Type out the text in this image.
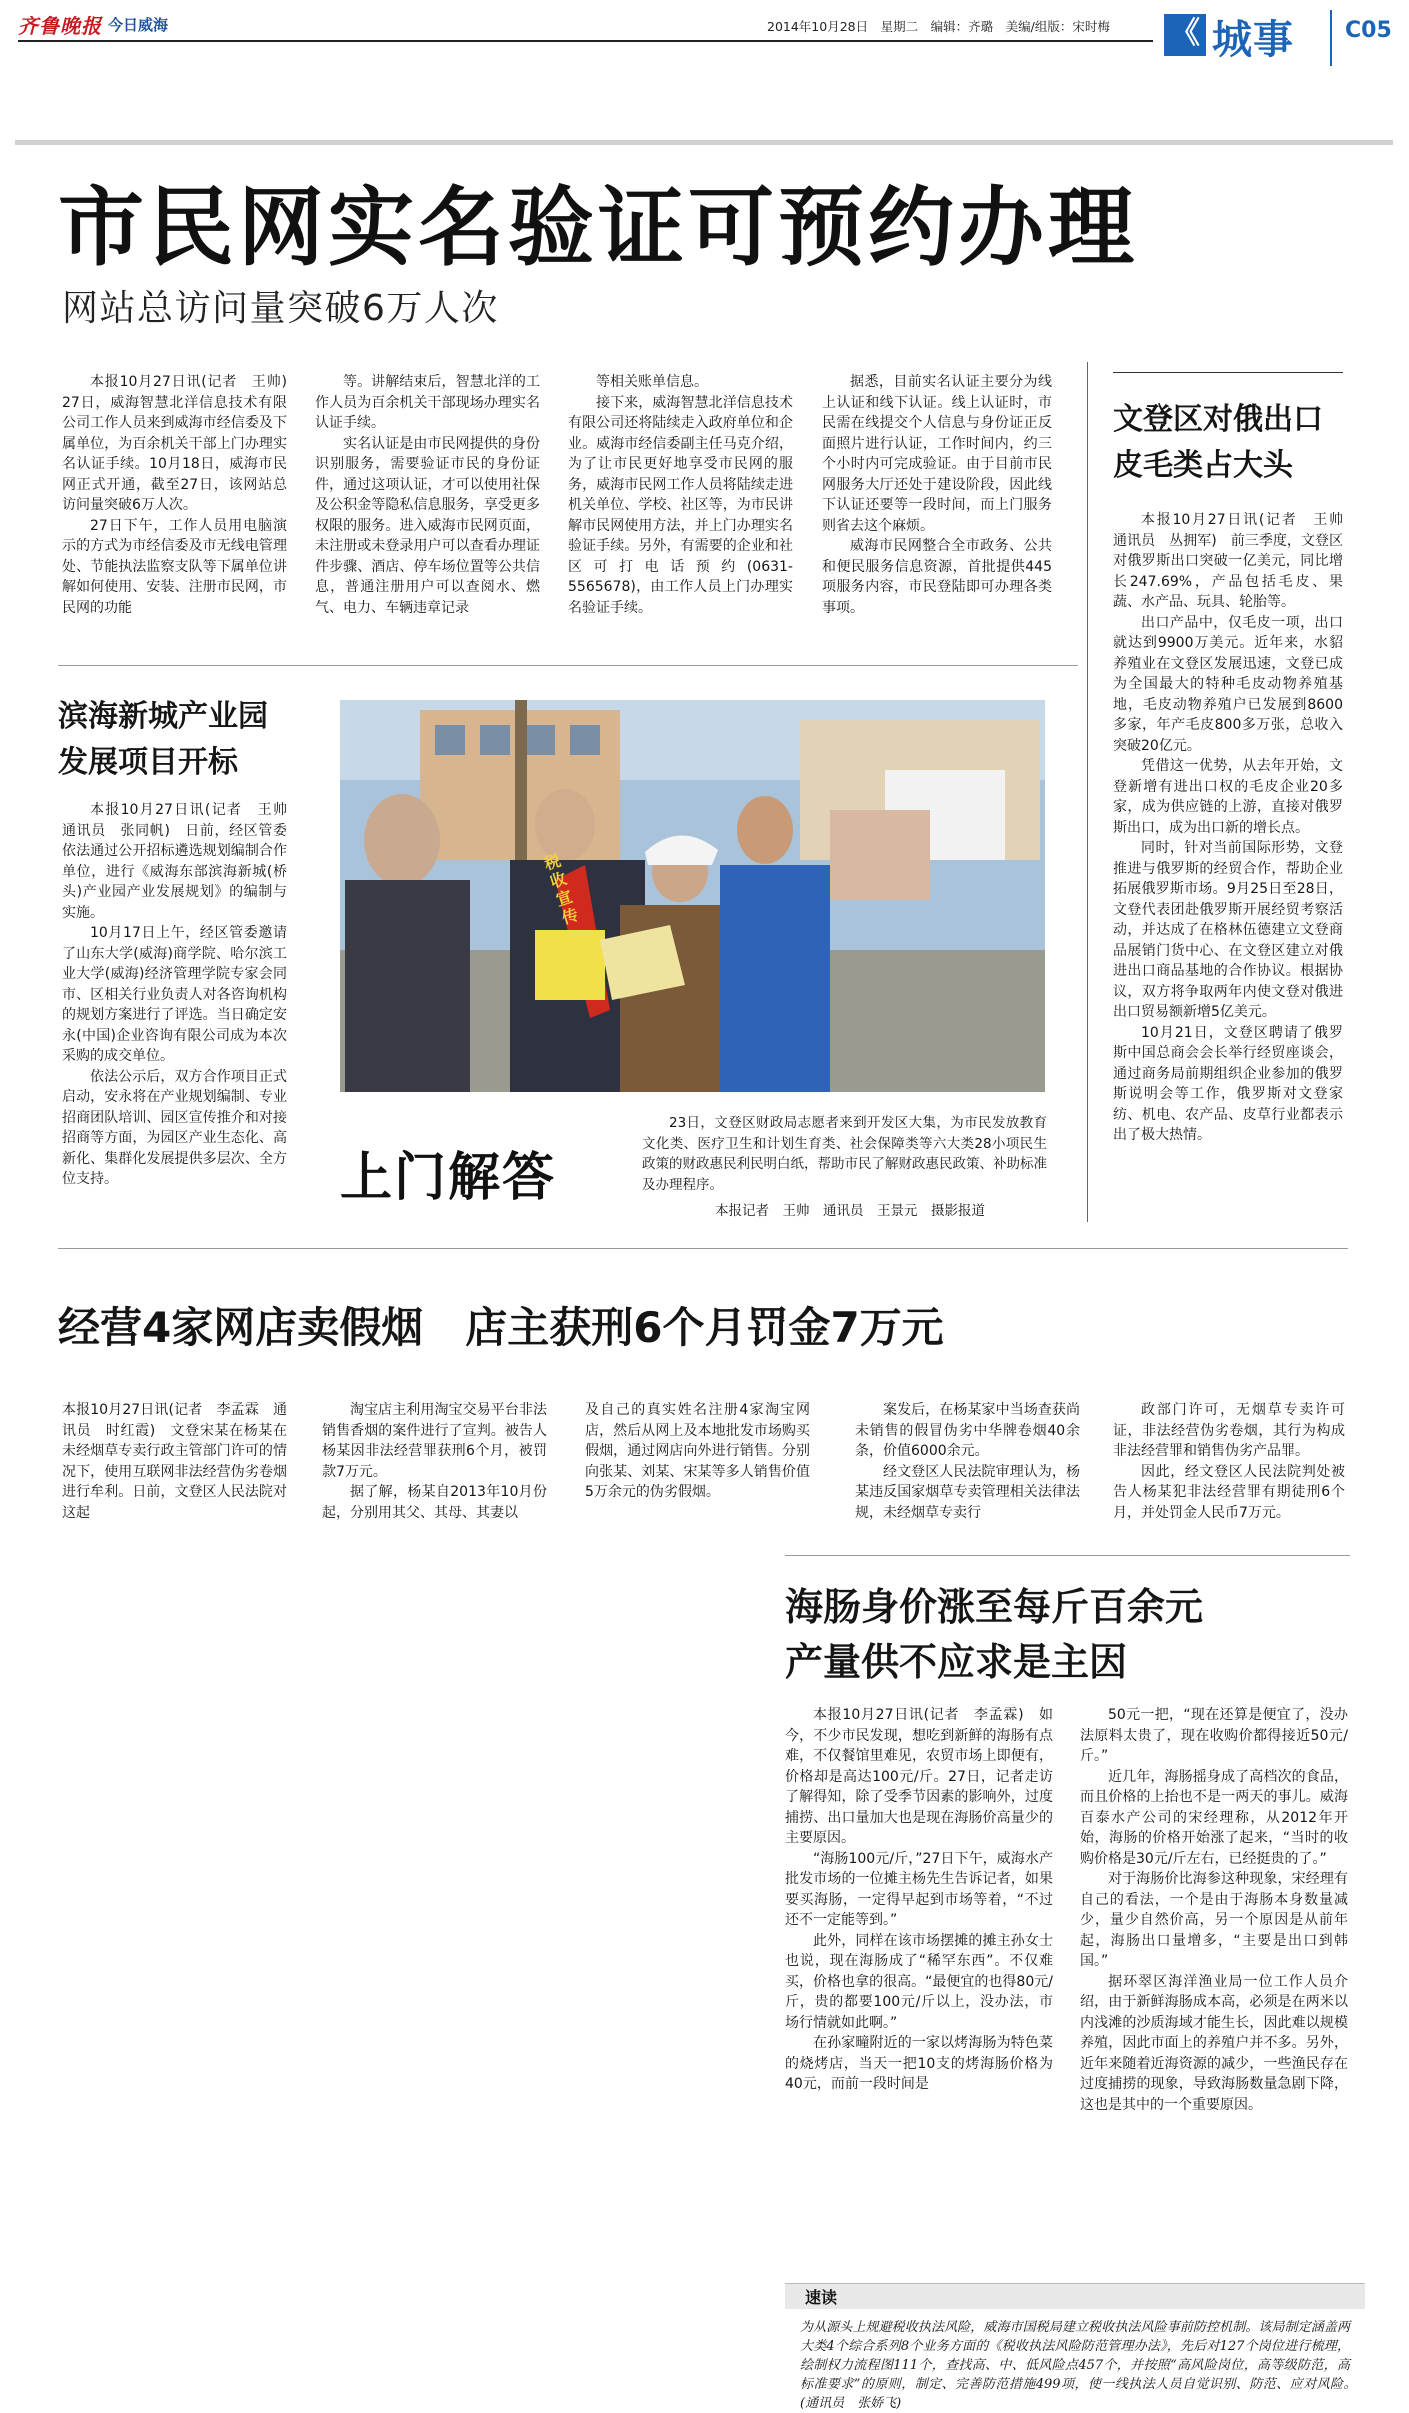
齐鲁晚报 今日威海	2014年10月28日　星期二　编辑：齐璐　美编/组版：宋时梅 《 城事 C05
市民网实名验证可预约办理
网站总访问量突破6万人次

本报10月27日讯(记者　王帅)　27日，威海智慧北洋信息技术有限公司工作人员来到威海市经信委及下属单位，为百余机关干部上门办理实名认证手续。10月18日，威海市民网正式开通，截至27日，该网站总访问量突破6万人次。

27日下午，工作人员用电脑演示的方式为市经信委及市无线电管理处、节能执法监察支队等下属单位讲解如何使用、安装、注册市民网，市民网的功能

等。讲解结束后，智慧北洋的工作人员为百余机关干部现场办理实名认证手续。

实名认证是由市民网提供的身份识别服务，需要验证市民的身份证件，通过这项认证，才可以使用社保及公积金等隐私信息服务，享受更多权限的服务。进入威海市民网页面，未注册或未登录用户可以查看办理证件步骤、酒店、停车场位置等公共信息，普通注册用户可以查阅水、燃气、电力、车辆违章记录

等相关账单信息。

接下来，威海智慧北洋信息技术有限公司还将陆续走入政府单位和企业。威海市经信委副主任马克介绍，为了让市民更好地享受市民网的服务，威海市民网工作人员将陆续走进机关单位、学校、社区等，为市民讲解市民网使用方法，并上门办理实名验证手续。另外，有需要的企业和社区可打电话预约(0631-5565678)，由工作人员上门办理实名验证手续。

据悉，目前实名认证主要分为线上认证和线下认证。线上认证时，市民需在线提交个人信息与身份证正反面照片进行认证，工作时间内，约三个小时内可完成验证。由于目前市民网服务大厅还处于建设阶段，因此线下认证还要等一段时间，而上门服务则省去这个麻烦。

威海市民网整合全市政务、公共和便民服务信息资源，首批提供445项服务内容，市民登陆即可办理各类事项。

文登区对俄出口
皮毛类占大头

本报10月27日讯(记者　王帅　通讯员　丛拥军)　前三季度，文登区对俄罗斯出口突破一亿美元，同比增长247.69%，产品包括毛皮、果蔬、水产品、玩具、轮胎等。

出口产品中，仅毛皮一项，出口就达到9900万美元。近年来，水貂养殖业在文登区发展迅速，文登已成为全国最大的特种毛皮动物养殖基地，毛皮动物养殖户已发展到8600多家，年产毛皮800多万张，总收入突破20亿元。

凭借这一优势，从去年开始，文登新增有进出口权的毛皮企业20多家，成为供应链的上游，直接对俄罗斯出口，成为出口新的增长点。

同时，针对当前国际形势，文登推进与俄罗斯的经贸合作，帮助企业拓展俄罗斯市场。9月25日至28日，文登代表团赴俄罗斯开展经贸考察活动，并达成了在格林伍德建立文登商品展销门货中心、在文登区建立对俄进出口商品基地的合作协议。根据协议，双方将争取两年内使文登对俄进出口贸易额新增5亿美元。

10月21日，文登区聘请了俄罗斯中国总商会会长举行经贸座谈会，通过商务局前期组织企业参加的俄罗斯说明会等工作，俄罗斯对文登家纺、机电、农产品、皮草行业都表示出了极大热情。

滨海新城产业园
发展项目开标

本报10月27日讯(记者　王帅　通讯员　张同帆)　日前，经区管委依法通过公开招标遴选规划编制合作单位，进行《威海东部滨海新城(桥头)产业园产业发展规划》的编制与实施。

10月17日上午，经区管委邀请了山东大学(威海)商学院、哈尔滨工业大学(威海)经济管理学院专家会同市、区相关行业负责人对各咨询机构的规划方案进行了评选。当日确定安永(中国)企业咨询有限公司成为本次采购的成交单位。

依法公示后，双方合作项目正式启动，安永将在产业规划编制、专业招商团队培训、园区宣传推介和对接招商等方面，为园区产业生态化、高新化、集群化发展提供多层次、全方位支持。

税收宣传
上门解答
23日，文登区财政局志愿者来到开发区大集，为市民发放教育文化类、医疗卫生和计划生育类、社会保障类等六大类28小项民生政策的财政惠民利民明白纸，帮助市民了解财政惠民政策、补助标准及办理程序。
本报记者　王帅　通讯员　王景元　摄影报道
经营4家网店卖假烟　店主获刑6个月罚金7万元
本报10月27日讯(记者　李孟霖　通讯员　时红霞)　文登宋某在杨某在未经烟草专卖行政主管部门许可的情况下，使用互联网非法经营伪劣卷烟进行牟利。日前，文登区人民法院对这起

淘宝店主利用淘宝交易平台非法销售香烟的案件进行了宣判。被告人杨某因非法经营罪获刑6个月，被罚款7万元。

据了解，杨某自2013年10月份起，分别用其父、其母、其妻以

及自己的真实姓名注册4家淘宝网店，然后从网上及本地批发市场购买假烟，通过网店向外进行销售。分别向张某、刘某、宋某等多人销售价值5万余元的伪劣假烟。

案发后，在杨某家中当场查获尚未销售的假冒伪劣中华牌卷烟40余条，价值6000余元。

经文登区人民法院审理认为，杨某违反国家烟草专卖管理相关法律法规，未经烟草专卖行

政部门许可，无烟草专卖许可证，非法经营伪劣卷烟，其行为构成非法经营罪和销售伪劣产品罪。

因此，经文登区人民法院判处被告人杨某犯非法经营罪有期徒刑6个月，并处罚金人民币7万元。

海肠身价涨至每斤百余元
产量供不应求是主因

本报10月27日讯(记者　李孟霖)　如今，不少市民发现，想吃到新鲜的海肠有点难，不仅餐馆里难见，农贸市场上即便有，价格却是高达100元/斤。27日，记者走访了解得知，除了受季节因素的影响外，过度捕捞、出口量加大也是现在海肠价高量少的主要原因。

“海肠100元/斤，”27日下午，威海水产批发市场的一位摊主杨先生告诉记者，如果要买海肠，一定得早起到市场等着，“不过还不一定能等到。”

此外，同样在该市场摆摊的摊主孙女士也说，现在海肠成了“稀罕东西”。不仅难买，价格也拿的很高。“最便宜的也得80元/斤，贵的都要100元/斤以上，没办法，市场行情就如此啊。”

在孙家疃附近的一家以烤海肠为特色菜的烧烤店，当天一把10支的烤海肠价格为40元，而前一段时间是

50元一把，“现在还算是便宜了，没办法原料太贵了，现在收购价都得接近50元/斤。”

近几年，海肠摇身成了高档次的食品，而且价格的上抬也不是一两天的事儿。威海百泰水产公司的宋经理称，从2012年开始，海肠的价格开始涨了起来，“当时的收购价格是30元/斤左右，已经挺贵的了。”

对于海肠价比海参这种现象，宋经理有自己的看法，一个是由于海肠本身数量减少，量少自然价高，另一个原因是从前年起，海肠出口量增多，“主要是出口到韩国。”

据环翠区海洋渔业局一位工作人员介绍，由于新鲜海肠成本高，必须是在两米以内浅滩的沙质海域才能生长，因此难以规模养殖，因此市面上的养殖户并不多。另外，近年来随着近海资源的减少，一些渔民存在过度捕捞的现象，导致海肠数量急剧下降，这也是其中的一个重要原因。

速读
为从源头上规避税收执法风险，威海市国税局建立税收执法风险事前防控机制。该局制定涵盖两大类4个综合系列8个业务方面的《税收执法风险防范管理办法》，先后对127个岗位进行梳理，绘制权力流程图111个，查找高、中、低风险点457个，并按照“高风险岗位，高等级防范，高标准要求”的原则，制定、完善防范措施499项，使一线执法人员自觉识别、防范、应对风险。　　(通讯员　张娇飞)
